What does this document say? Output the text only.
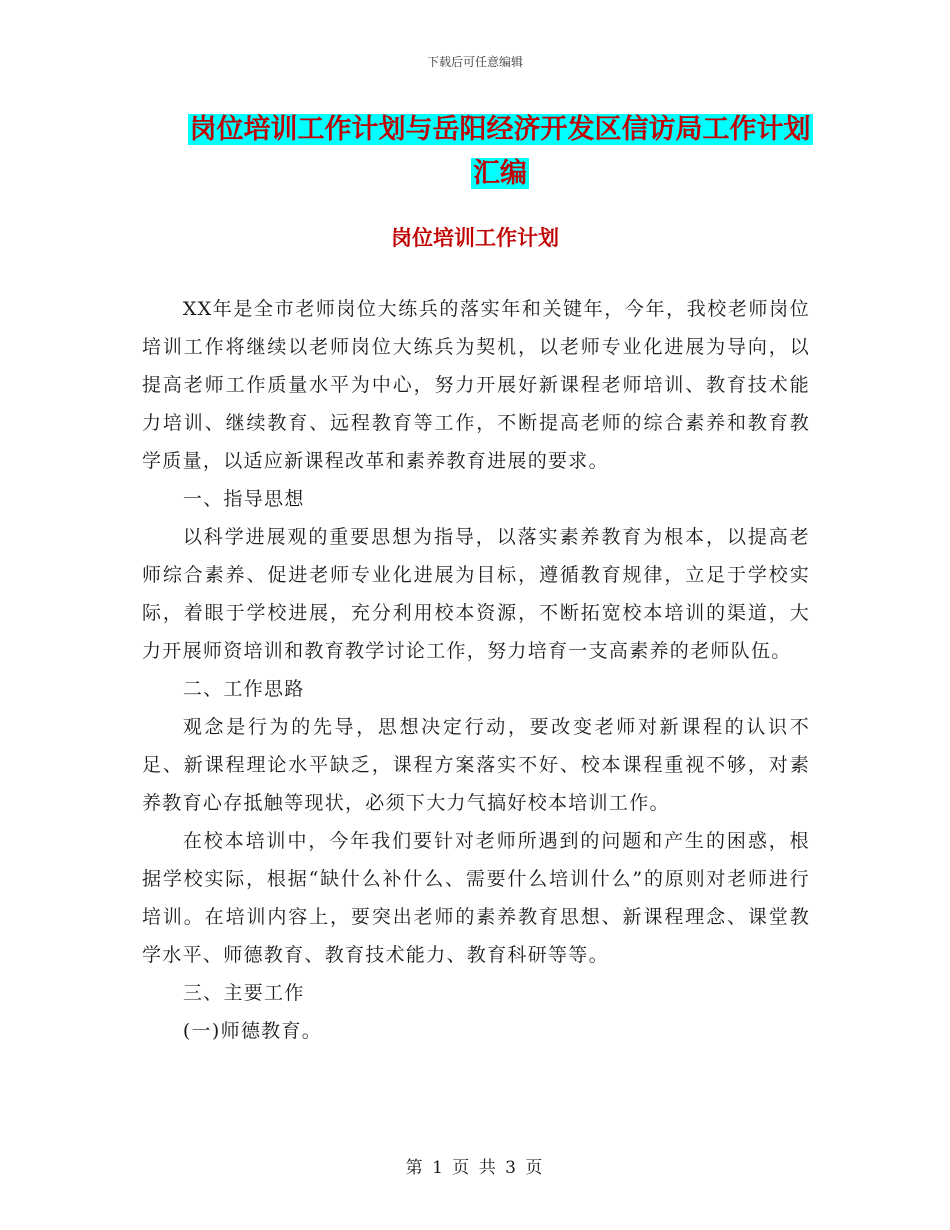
下载后可任意编辑
岗位培训工作计划与岳阳经济开发区信访局工作计划
汇编
岗位培训工作计划

XX年是全市老师岗位大练兵的落实年和关键年，今年，我校老师岗位培训工作将继续以老师岗位大练兵为契机，以老师专业化进展为导向，以提高老师工作质量水平为中心，努力开展好新课程老师培训、教育技术能力培训、继续教育、远程教育等工作，不断提高老师的综合素养和教育教学质量，以适应新课程改革和素养教育进展的要求。

一、指导思想

以科学进展观的重要思想为指导，以落实素养教育为根本，以提高老师综合素养、促进老师专业化进展为目标，遵循教育规律，立足于学校实际，着眼于学校进展，充分利用校本资源，不断拓宽校本培训的渠道，大力开展师资培训和教育教学讨论工作，努力培育一支高素养的老师队伍。

二、工作思路

观念是行为的先导，思想决定行动，要改变老师对新课程的认识不足、新课程理论水平缺乏，课程方案落实不好、校本课程重视不够，对素养教育心存抵触等现状，必须下大力气搞好校本培训工作。

在校本培训中，今年我们要针对老师所遇到的问题和产生的困惑，根据学校实际，根据“缺什么补什么、需要什么培训什么”的原则对老师进行培训。在培训内容上，要突出老师的素养教育思想、新课程理念、课堂教学水平、师德教育、教育技术能力、教育科研等等。

三、主要工作

(一)师德教育。

第 1 页 共 3 页
